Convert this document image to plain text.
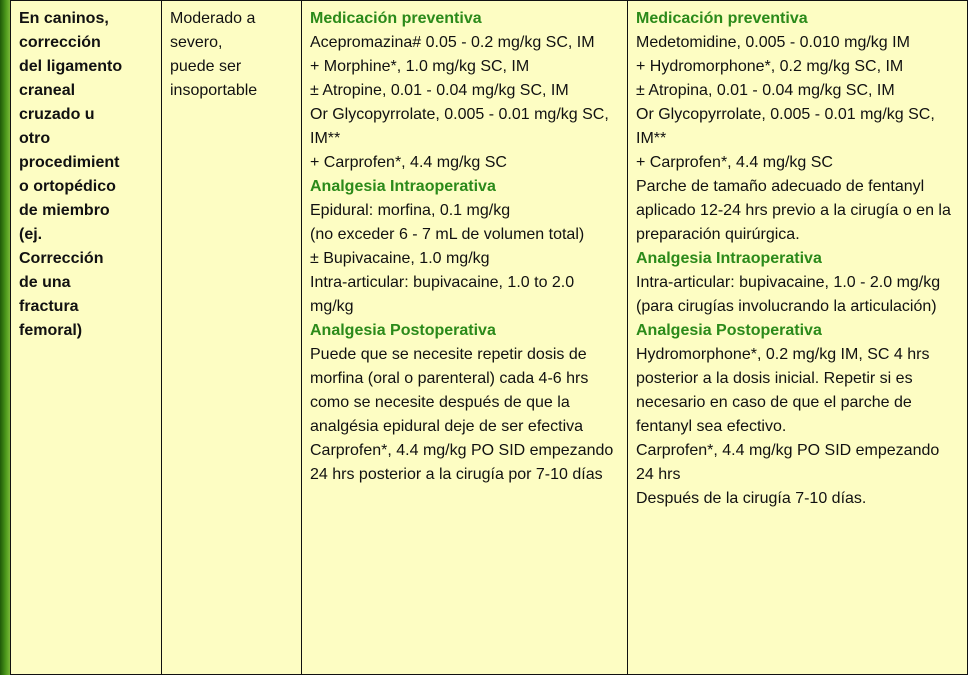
En caninos,
corrección
del ligamento
craneal
cruzado u
otro
procedimient
o ortopédico
de miembro
(ej.
Corrección
de una
fractura
femoral)

Moderado a
severo,
puede ser
insoportable

Medicación preventiva
Acepromazina# 0.05 - 0.2 mg/kg SC, IM
+ Morphine*, 1.0 mg/kg SC, IM
± Atropine, 0.01 - 0.04 mg/kg SC, IM
Or Glycopyrrolate, 0.005 - 0.01 mg/kg SC, IM**
+ Carprofen*, 4.4 mg/kg SC
Analgesia Intraoperativa
Epidural: morfina, 0.1 mg/kg
(no exceder 6 - 7 mL de volumen total)
± Bupivacaine, 1.0 mg/kg
Intra-articular: bupivacaine, 1.0 to 2.0 mg/kg
Analgesia Postoperativa
Puede que se necesite repetir dosis de morfina (oral o parenteral) cada 4-6 hrs como se necesite después de que la analgésia epidural deje de ser efectiva
Carprofen*, 4.4 mg/kg PO SID empezando 24 hrs posterior a la cirugía por 7-10 días

Medicación preventiva
Medetomidine, 0.005 - 0.010 mg/kg IM
+ Hydromorphone*, 0.2 mg/kg SC, IM
± Atropina, 0.01 - 0.04 mg/kg SC, IM
Or Glycopyrrolate, 0.005 - 0.01 mg/kg SC, IM**
+ Carprofen*, 4.4 mg/kg SC
Parche de tamaño adecuado de fentanyl aplicado 12-24 hrs previo a la cirugía o en la preparación quirúrgica.
Analgesia Intraoperativa
Intra-articular: bupivacaine, 1.0 - 2.0 mg/kg
(para cirugías involucrando la articulación)
Analgesia Postoperativa
Hydromorphone*, 0.2 mg/kg IM, SC 4 hrs posterior a la dosis inicial. Repetir si es necesario en caso de que el parche de fentanyl sea efectivo.
Carprofen*, 4.4 mg/kg PO SID empezando 24 hrs
Después de la cirugía 7-10 días.
